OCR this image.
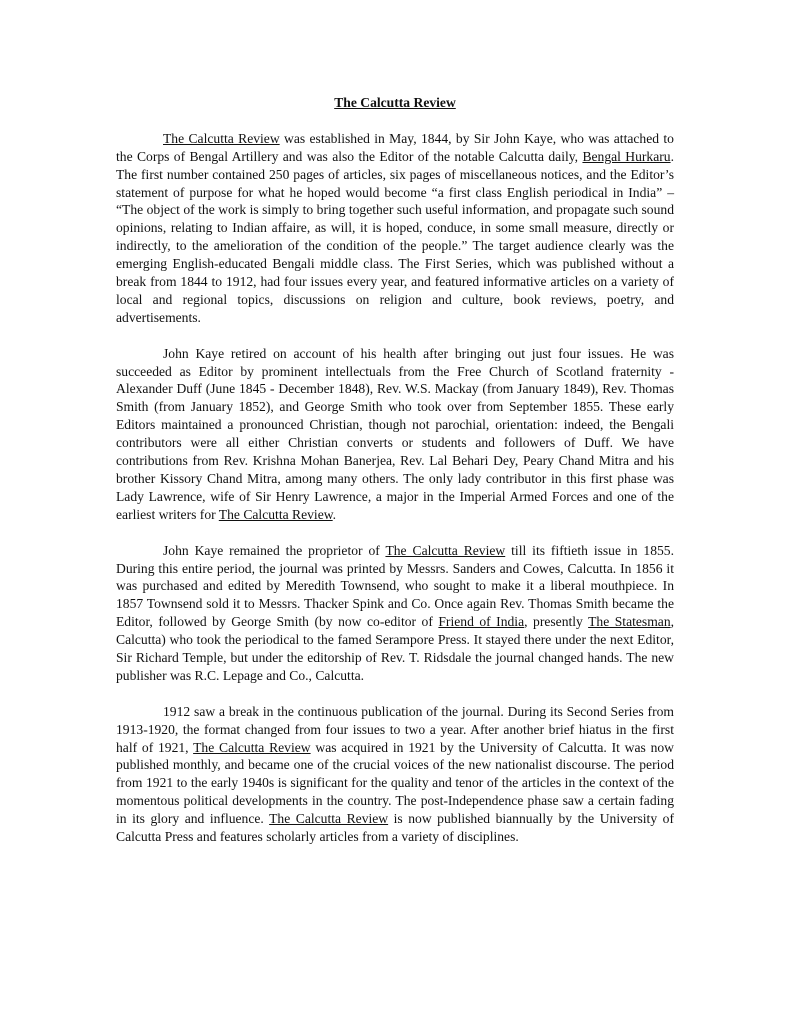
The Calcutta Review

The Calcutta Review was established in May, 1844, by Sir John Kaye, who was attached to the Corps of Bengal Artillery and was also the Editor of the notable Calcutta daily, Bengal Hurkaru. The first number contained 250 pages of articles, six pages of miscellaneous notices, and the Editor’s statement of purpose for what he hoped would become “a first class English periodical in India” – “The object of the work is simply to bring together such useful information, and propagate such sound opinions, relating to Indian affaire, as will, it is hoped, conduce, in some small measure, directly or indirectly, to the amelioration of the condition of the people.” The target audience clearly was the emerging English-educated Bengali middle class. The First Series, which was published without a break from 1844 to 1912, had four issues every year, and featured informative articles on a variety of local and regional topics, discussions on religion and culture, book reviews, poetry, and advertisements.

John Kaye retired on account of his health after bringing out just four issues. He was succeeded as Editor by prominent intellectuals from the Free Church of Scotland fraternity - Alexander Duff (June 1845 - December 1848), Rev. W.S. Mackay (from January 1849), Rev. Thomas Smith (from January 1852), and George Smith who took over from September 1855. These early Editors maintained a pronounced Christian, though not parochial, orientation: indeed, the Bengali contributors were all either Christian converts or students and followers of Duff. We have contributions from Rev. Krishna Mohan Banerjea, Rev. Lal Behari Dey, Peary Chand Mitra and his brother Kissory Chand Mitra, among many others. The only lady contributor in this first phase was Lady Lawrence, wife of Sir Henry Lawrence, a major in the Imperial Armed Forces and one of the earliest writers for The Calcutta Review.

John Kaye remained the proprietor of The Calcutta Review till its fiftieth issue in 1855. During this entire period, the journal was printed by Messrs. Sanders and Cowes, Calcutta. In 1856 it was purchased and edited by Meredith Townsend, who sought to make it a liberal mouthpiece. In 1857 Townsend sold it to Messrs. Thacker Spink and Co. Once again Rev. Thomas Smith became the Editor, followed by George Smith (by now co-editor of Friend of India, presently The Statesman, Calcutta) who took the periodical to the famed Serampore Press. It stayed there under the next Editor, Sir Richard Temple, but under the editorship of Rev. T. Ridsdale the journal changed hands. The new publisher was R.C. Lepage and Co., Calcutta.

1912 saw a break in the continuous publication of the journal. During its Second Series from 1913-1920, the format changed from four issues to two a year. After another brief hiatus in the first half of 1921, The Calcutta Review was acquired in 1921 by the University of Calcutta. It was now published monthly, and became one of the crucial voices of the new nationalist discourse. The period from 1921 to the early 1940s is significant for the quality and tenor of the articles in the context of the momentous political developments in the country. The post-Independence phase saw a certain fading in its glory and influence. The Calcutta Review is now published biannually by the University of Calcutta Press and features scholarly articles from a variety of disciplines.
